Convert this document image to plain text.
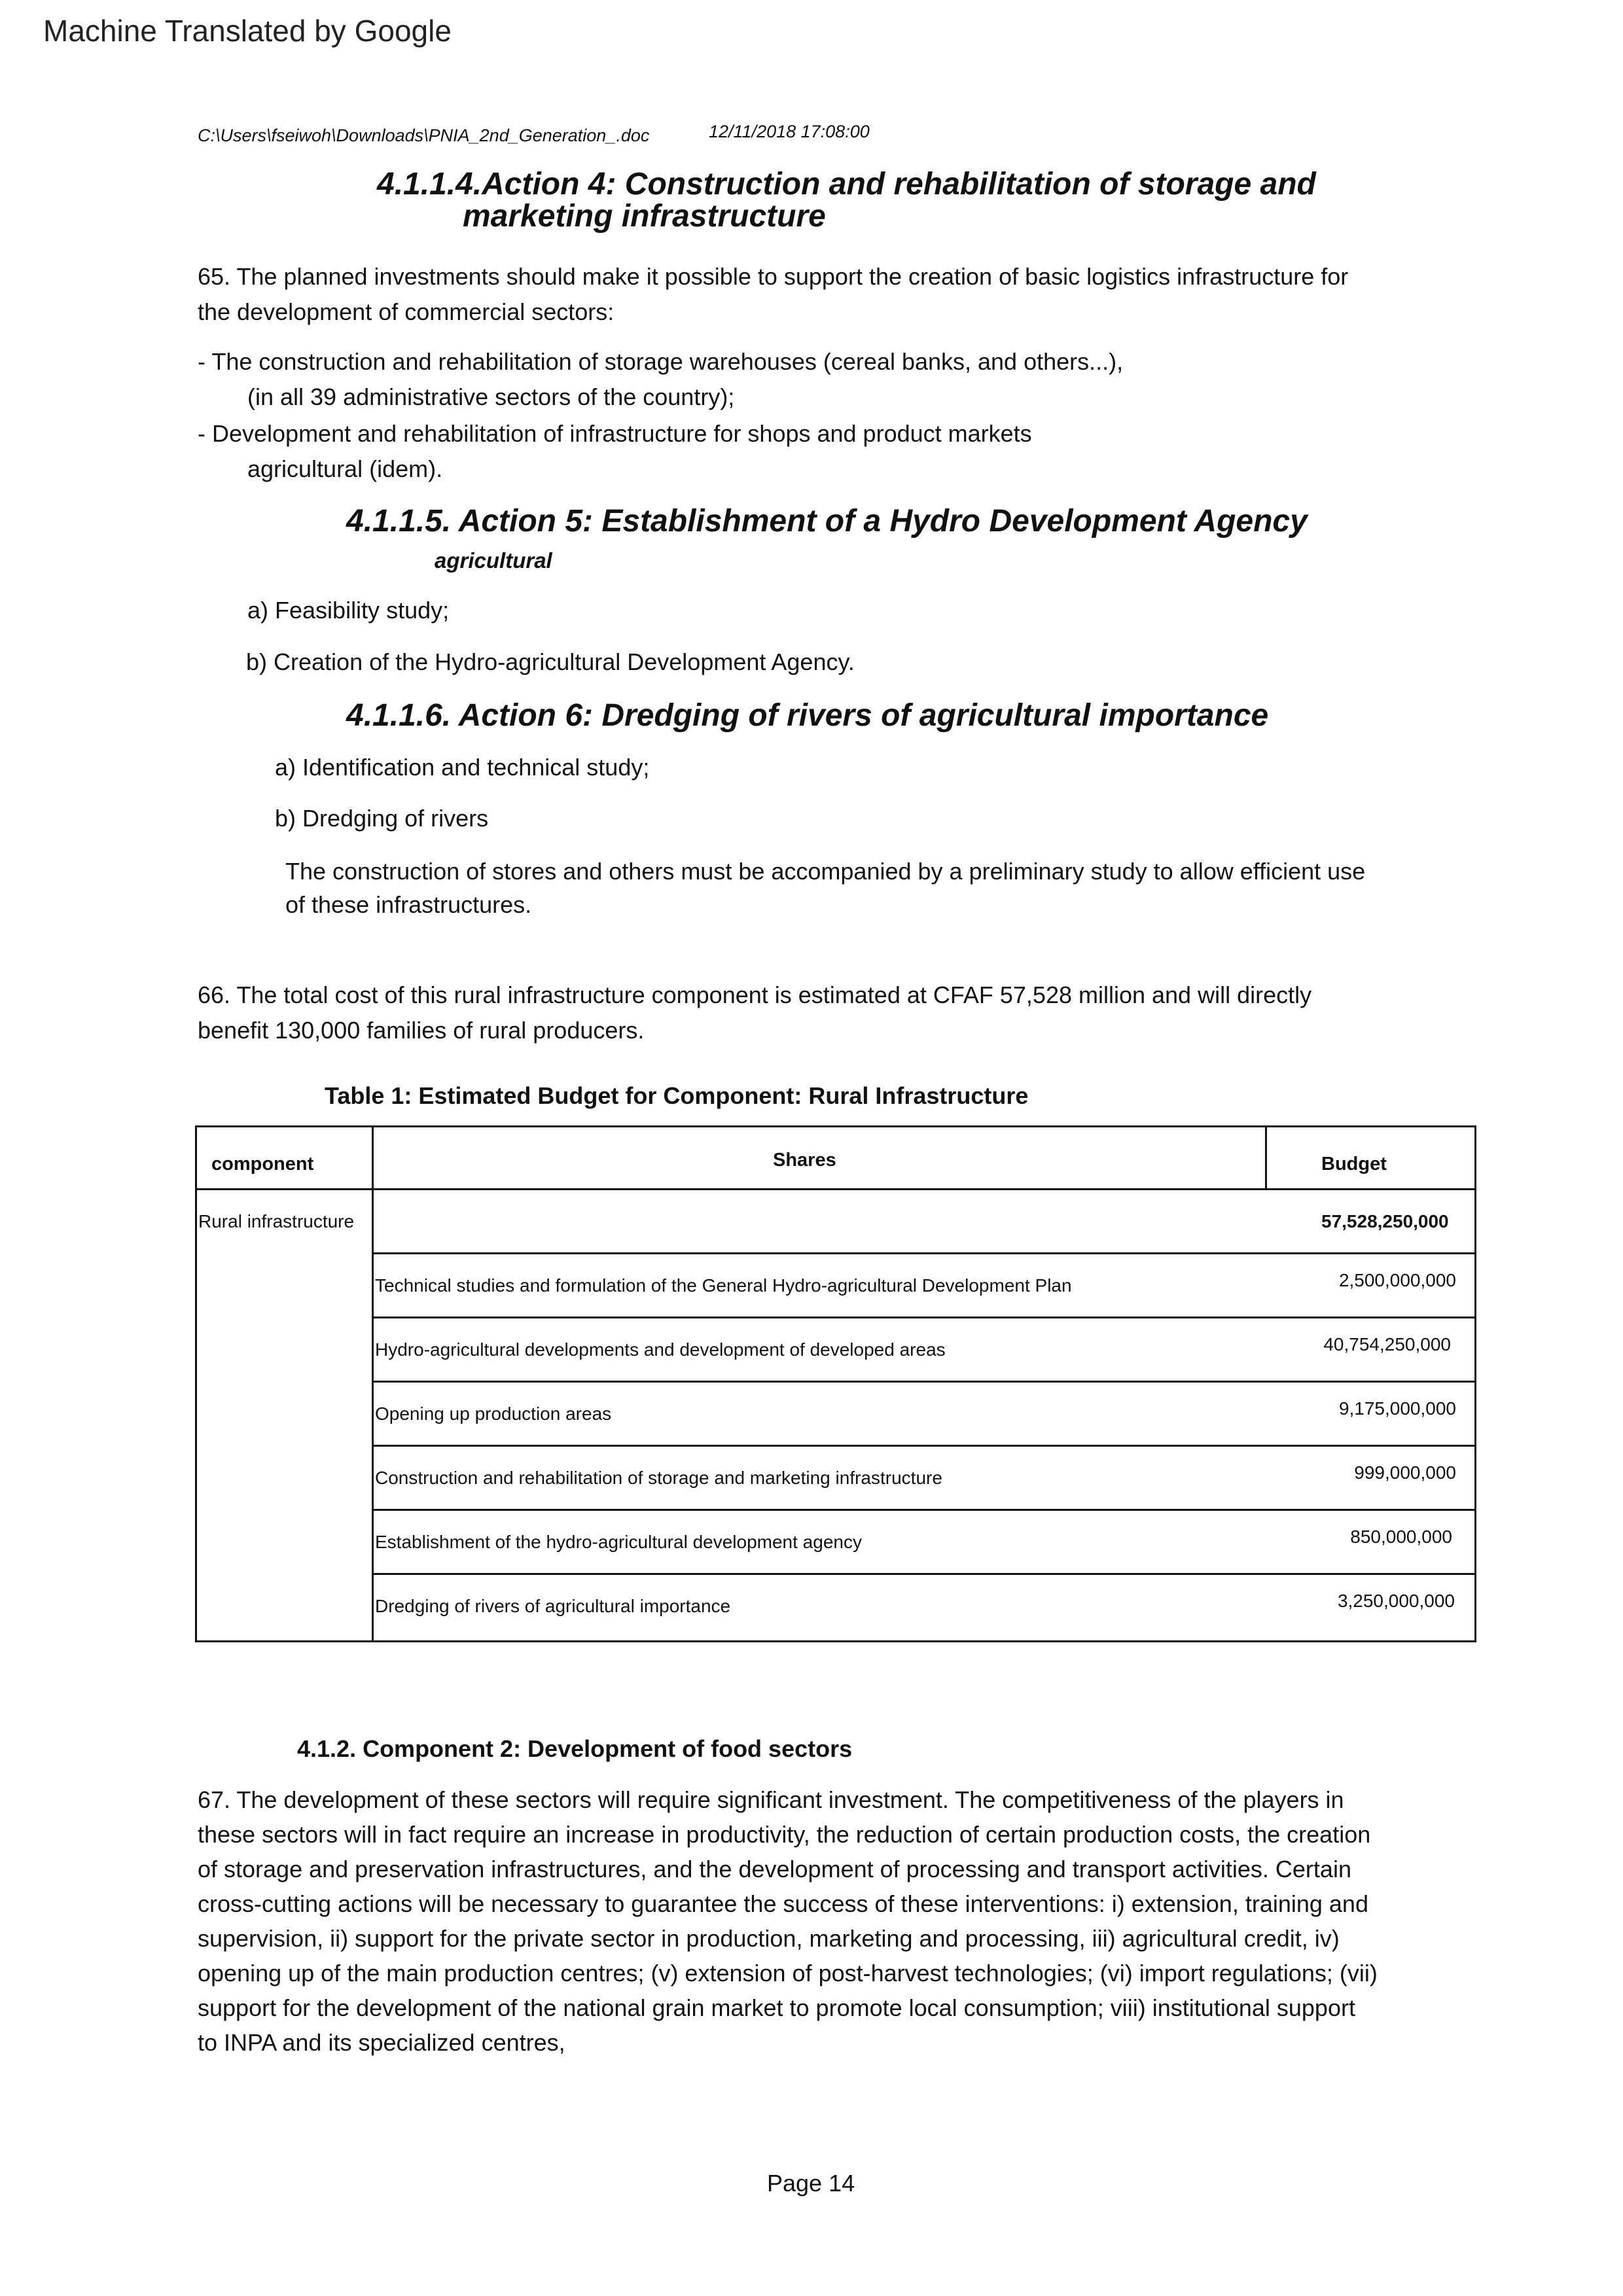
Machine Translated by Google
C:\Users\fseiwoh\Downloads\PNIA_2nd_Generation_.doc	12/11/2018 17:08:00
4.1.1.4.Action 4: Construction and rehabilitation of storage and
marketing infrastructure

65. The planned investments should make it possible to support the creation of basic logistics infrastructure for

the development of commercial sectors:

- The construction and rehabilitation of storage warehouses (cereal banks, and others...),
(in all 39 administrative sectors of the country);
- Development and rehabilitation of infrastructure for shops and product markets
agricultural (idem).
4.1.1.5. Action 5: Establishment of a Hydro Development Agency
agricultural
a) Feasibility study;
b) Creation of the Hydro-agricultural Development Agency.
4.1.1.6. Action 6: Dredging of rivers of agricultural importance
a) Identification and technical study;
b) Dredging of rivers

The construction of stores and others must be accompanied by a preliminary study to allow efficient use

of these infrastructures.

66. The total cost of this rural infrastructure component is estimated at CFAF 57,528 million and will directly

benefit 130,000 families of rural producers.

Table 1: Estimated Budget for Component: Rural Infrastructure
component	Shares	Budget
Rural infrastructure	57,528,250,000
Technical studies and formulation of the General Hydro-agricultural Development Plan	2,500,000,000
Hydro-agricultural developments and development of developed areas	40,754,250,000
Opening up production areas	9,175,000,000
Construction and rehabilitation of storage and marketing infrastructure	999,000,000
Establishment of the hydro-agricultural development agency	850,000,000
Dredging of rivers of agricultural importance	3,250,000,000
4.1.2. Component 2: Development of food sectors

67. The development of these sectors will require significant investment. The competitiveness of the players in

these sectors will in fact require an increase in productivity, the reduction of certain production costs, the creation

of storage and preservation infrastructures, and the development of processing and transport activities. Certain

cross-cutting actions will be necessary to guarantee the success of these interventions: i) extension, training and

supervision, ii) support for the private sector in production, marketing and processing, iii) agricultural credit, iv)

opening up of the main production centres; (v) extension of post-harvest technologies; (vi) import regulations; (vii)

support for the development of the national grain market to promote local consumption; viii) institutional support

to INPA and its specialized centres,

Page 14
